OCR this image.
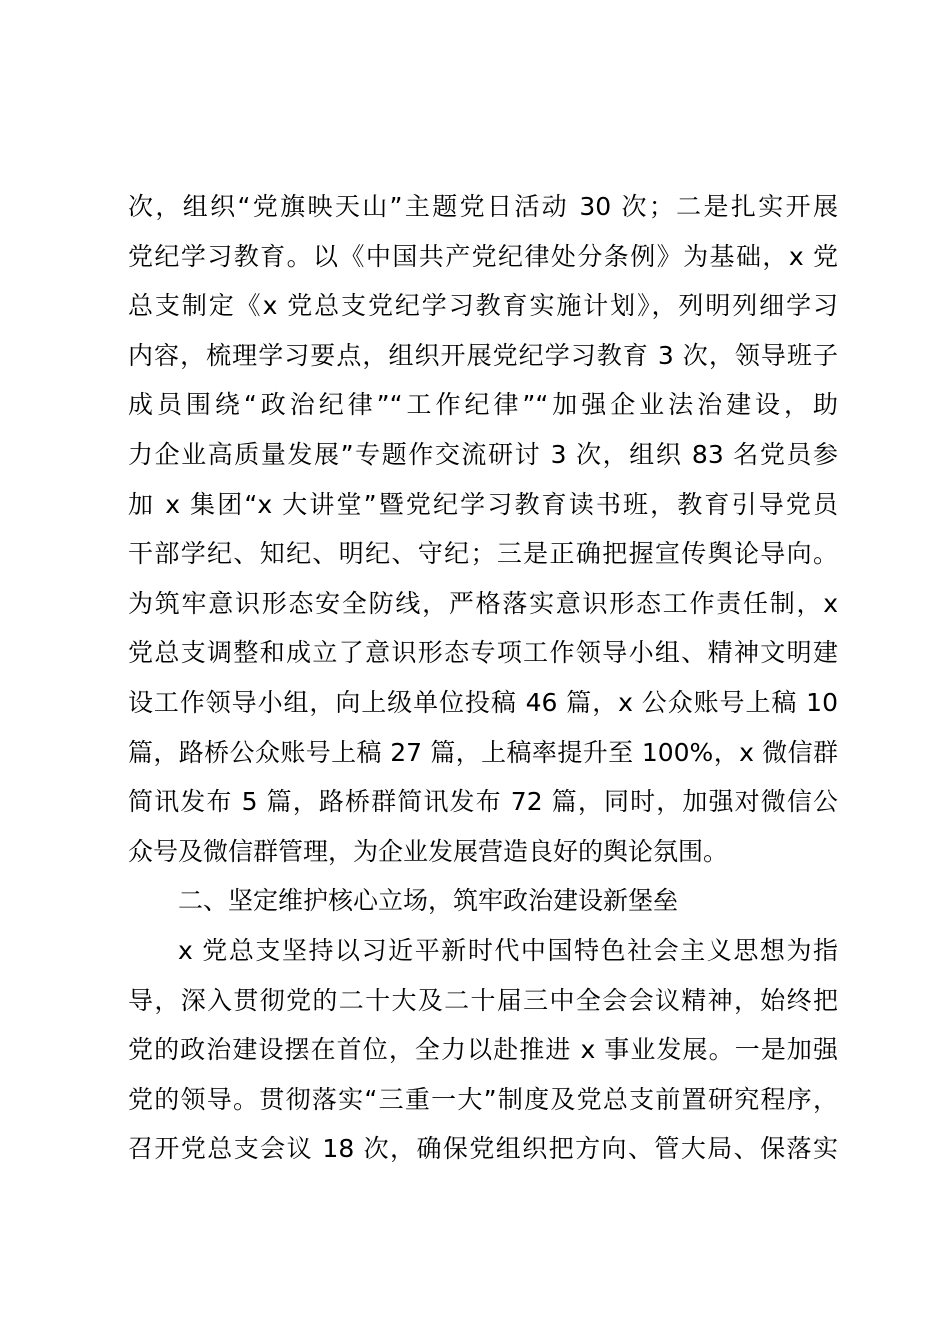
次，组织“党旗映天山”主题党日活动 30 次；二是扎实开展
党纪学习教育。以《中国共产党纪律处分条例》为基础，x 党
总支制定《x 党总支党纪学习教育实施计划》，列明列细学习
内容，梳理学习要点，组织开展党纪学习教育 3 次，领导班子
成员围绕“政治纪律”“工作纪律”“加强企业法治建设，助
力企业高质量发展”专题作交流研讨 3 次，组织 83 名党员参
加 x 集团“x 大讲堂”暨党纪学习教育读书班，教育引导党员
干部学纪、知纪、明纪、守纪；三是正确把握宣传舆论导向。
为筑牢意识形态安全防线，严格落实意识形态工作责任制，x
党总支调整和成立了意识形态专项工作领导小组、精神文明建
设工作领导小组，向上级单位投稿 46 篇，x 公众账号上稿 10
篇，路桥公众账号上稿 27 篇，上稿率提升至 100%，x 微信群
简讯发布 5 篇，路桥群简讯发布 72 篇，同时，加强对微信公
众号及微信群管理，为企业发展营造良好的舆论氛围。
二、坚定维护核心立场，筑牢政治建设新堡垒
x 党总支坚持以习近平新时代中国特色社会主义思想为指
导，深入贯彻党的二十大及二十届三中全会会议精神，始终把
党的政治建设摆在首位，全力以赴推进 x 事业发展。一是加强
党的领导。贯彻落实“三重一大”制度及党总支前置研究程序，
召开党总支会议 18 次，确保党组织把方向、管大局、保落实
